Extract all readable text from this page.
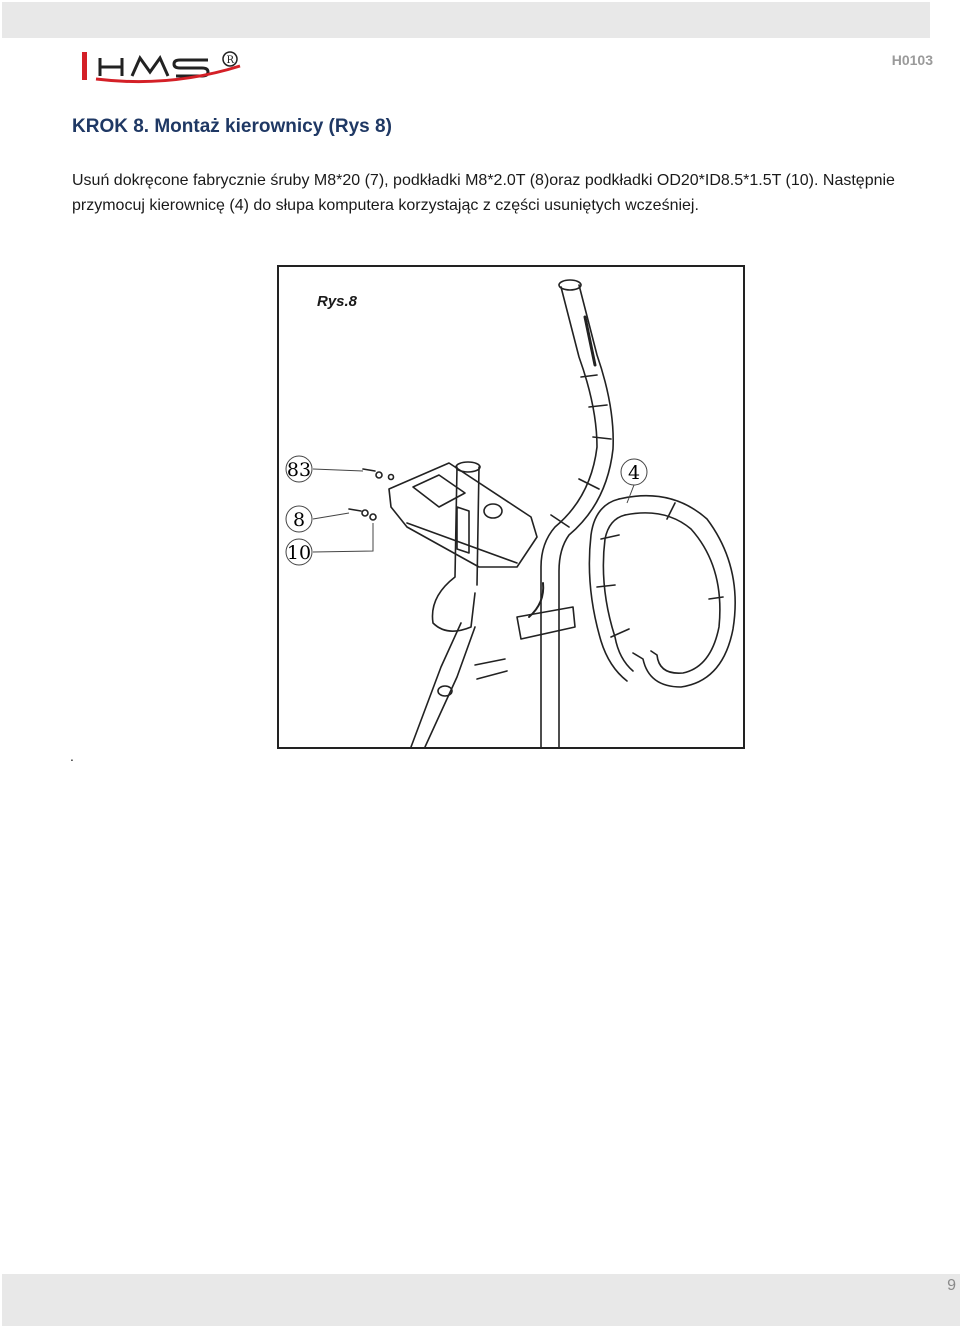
R	H0103
KROK 8. Montaż kierownicy (Rys 8)

Usuń dokręcone fabrycznie śruby M8*20 (7), podkładki M8*2.0T (8)oraz podkładki OD20*ID8.5*1.5T (10). Następnie przymocuj kierownicę (4) do słupa komputera korzystając z części usuniętych wcześniej.

Rys.8
83
8
10
4
.
9
